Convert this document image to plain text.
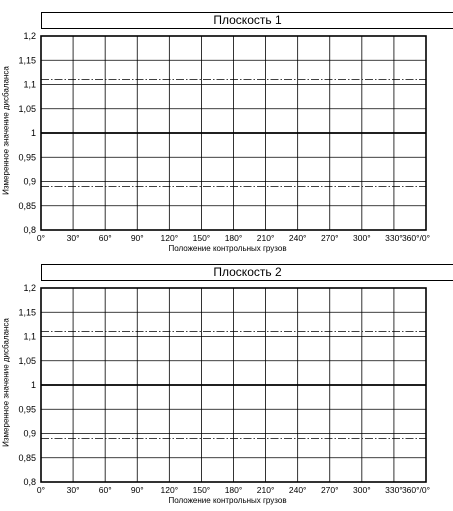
Плоскость 1
Измеренное значение дисбаланса
0,8
0,85
0,9
0,95
1
1,05
1,1
1,15
1,2
0°	30° 60° 90° 120° 150° 180° 210° 240° 270° 300° 330° 360°/0°
Положение контрольных грузов
Плоскость 2
Измеренное значение дисбаланса
0,8
0,85
0,9
0,95
1
1,05
1,1
1,15
1,2
0°	30° 60° 90° 120° 150° 180° 210° 240° 270° 300° 330° 360°/0°
Положение контрольных грузов
